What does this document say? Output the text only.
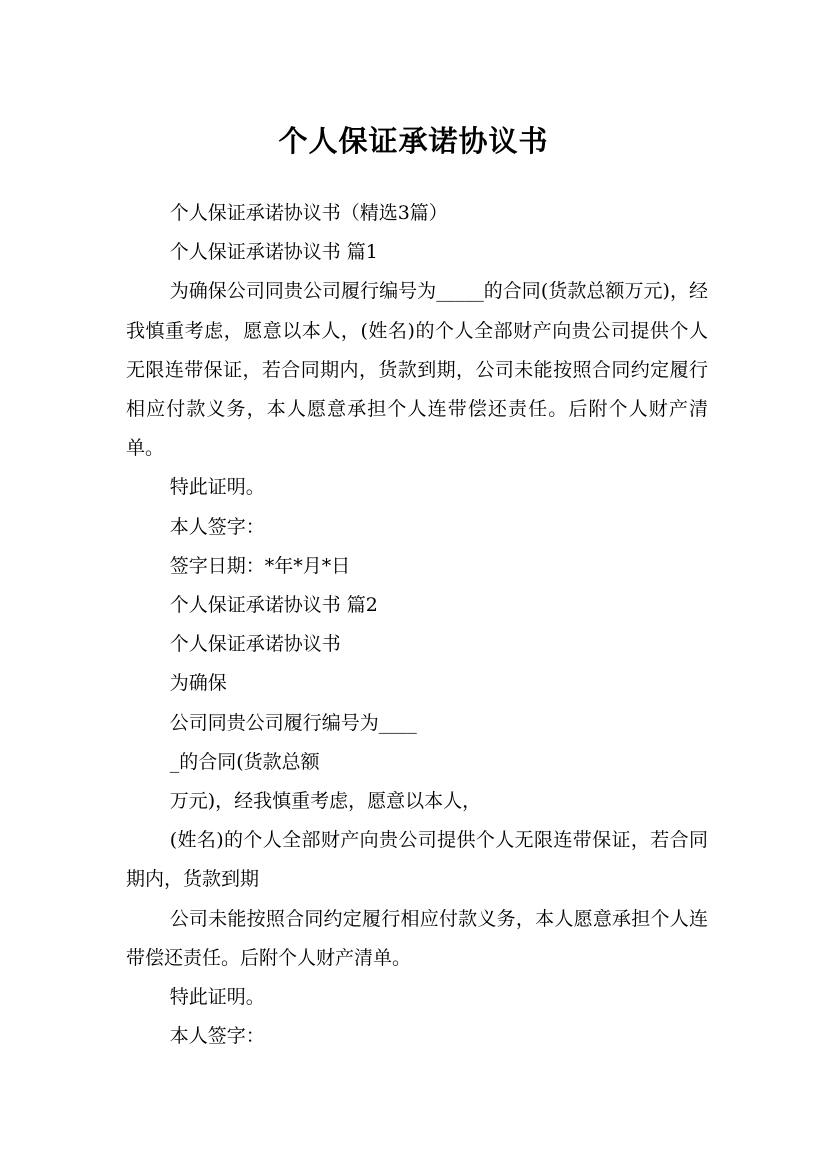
个人保证承诺协议书

个人保证承诺协议书（精选3篇）

个人保证承诺协议书 篇1

为确保公司同贵公司履行编号为_____的合同(货款总额万元)，经我慎重考虑，愿意以本人，(姓名)的个人全部财产向贵公司提供个人无限连带保证，若合同期内，货款到期，公司未能按照合同约定履行相应付款义务，本人愿意承担个人连带偿还责任。后附个人财产清单。

特此证明。

本人签字：

签字日期：*年*月*日

个人保证承诺协议书 篇2

个人保证承诺协议书

为确保

公司同贵公司履行编号为____

_的合同(货款总额

万元)，经我慎重考虑，愿意以本人，

(姓名)的个人全部财产向贵公司提供个人无限连带保证，若合同期内，货款到期

公司未能按照合同约定履行相应付款义务，本人愿意承担个人连带偿还责任。后附个人财产清单。

特此证明。

本人签字：
